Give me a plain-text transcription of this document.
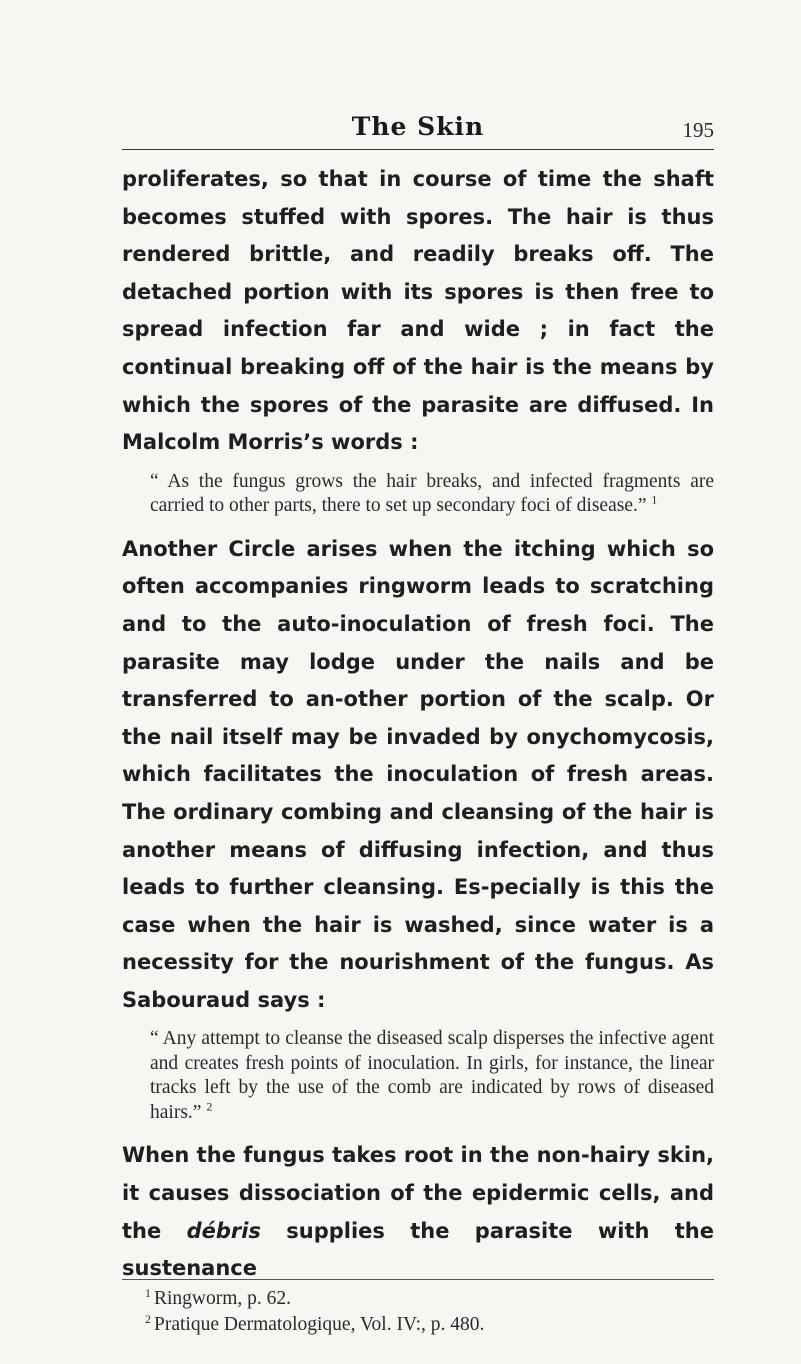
The Skin	195

proliferates, so that in course of time the shaft becomes stuffed with spores. The hair is thus rendered brittle, and readily breaks off. The detached portion with its spores is then free to spread infection far and wide ; in fact the continual breaking off of the hair is the means by which the spores of the parasite are diffused. In Malcolm Morris’s words :

“ As the fungus grows the hair breaks, and infected fragments are carried to other parts, there to set up secondary foci of disease.” $^1$

Another Circle arises when the itching which so often accompanies ringworm leads to scratching and to the auto-inoculation of fresh foci. The parasite may lodge under the nails and be transferred to an-other portion of the scalp. Or the nail itself may be invaded by onychomycosis, which facilitates the inoculation of fresh areas. The ordinary combing and cleansing of the hair is another means of diffusing infection, and thus leads to further cleansing. Es-pecially is this the case when the hair is washed, since water is a necessity for the nourishment of the fungus. As Sabouraud says :

“ Any attempt to cleanse the diseased scalp disperses the infective agent and creates fresh points of inoculation. In girls, for instance, the linear tracks left by the use of the comb are indicated by rows of diseased hairs.” $^2$

When the fungus takes root in the non-hairy skin, it causes dissociation of the epidermic cells, and the débris supplies the parasite with the sustenance

$^1$ Ringworm, p. 62.
$^2$ Pratique Dermatologique, Vol. IV:, p. 480.
